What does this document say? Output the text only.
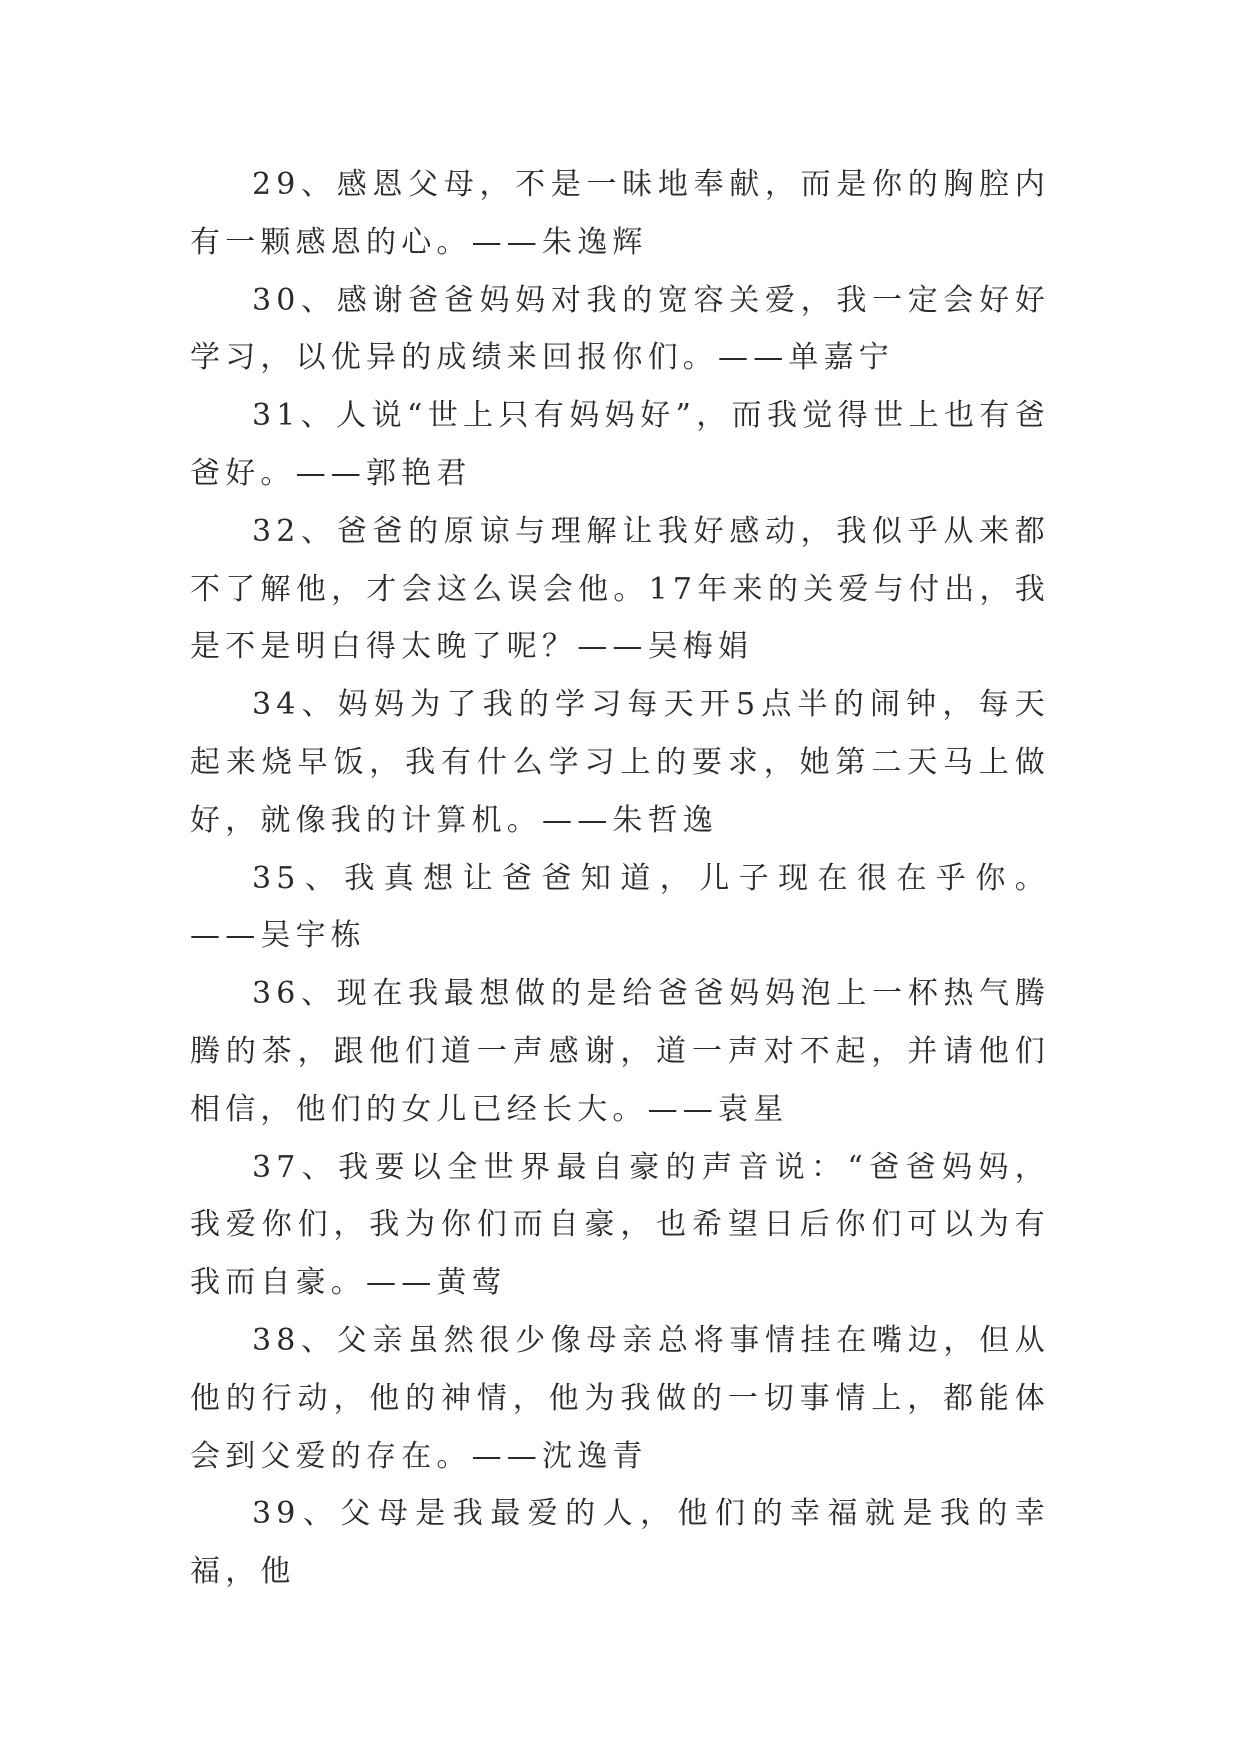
29、感恩父母，不是一昧地奉献，而是你的胸腔内有一颗感恩的心。——朱逸辉

30、感谢爸爸妈妈对我的宽容关爱，我一定会好好学习，以优异的成绩来回报你们。——单嘉宁

31、人说“世上只有妈妈好”，而我觉得世上也有爸爸好。——郭艳君

32、爸爸的原谅与理解让我好感动，我似乎从来都不了解他，才会这么误会他。17年来的关爱与付出，我是不是明白得太晚了呢？——吴梅娟

34、妈妈为了我的学习每天开5点半的闹钟，每天起来烧早饭，我有什么学习上的要求，她第二天马上做好，就像我的计算机。——朱哲逸

35、我真想让爸爸知道，儿子现在很在乎你。 ——吴宇栋

36、现在我最想做的是给爸爸妈妈泡上一杯热气腾腾的茶，跟他们道一声感谢，道一声对不起，并请他们相信，他们的女儿已经长大。——袁星

37、我要以全世界最自豪的声音说：“爸爸妈妈，我爱你们，我为你们而自豪，也希望日后你们可以为有我而自豪。——黄莺

38、父亲虽然很少像母亲总将事情挂在嘴边，但从他的行动，他的神情，他为我做的一切事情上，都能体会到父爱的存在。——沈逸青

39、父母是我最爱的人，他们的幸福就是我的幸福，他
